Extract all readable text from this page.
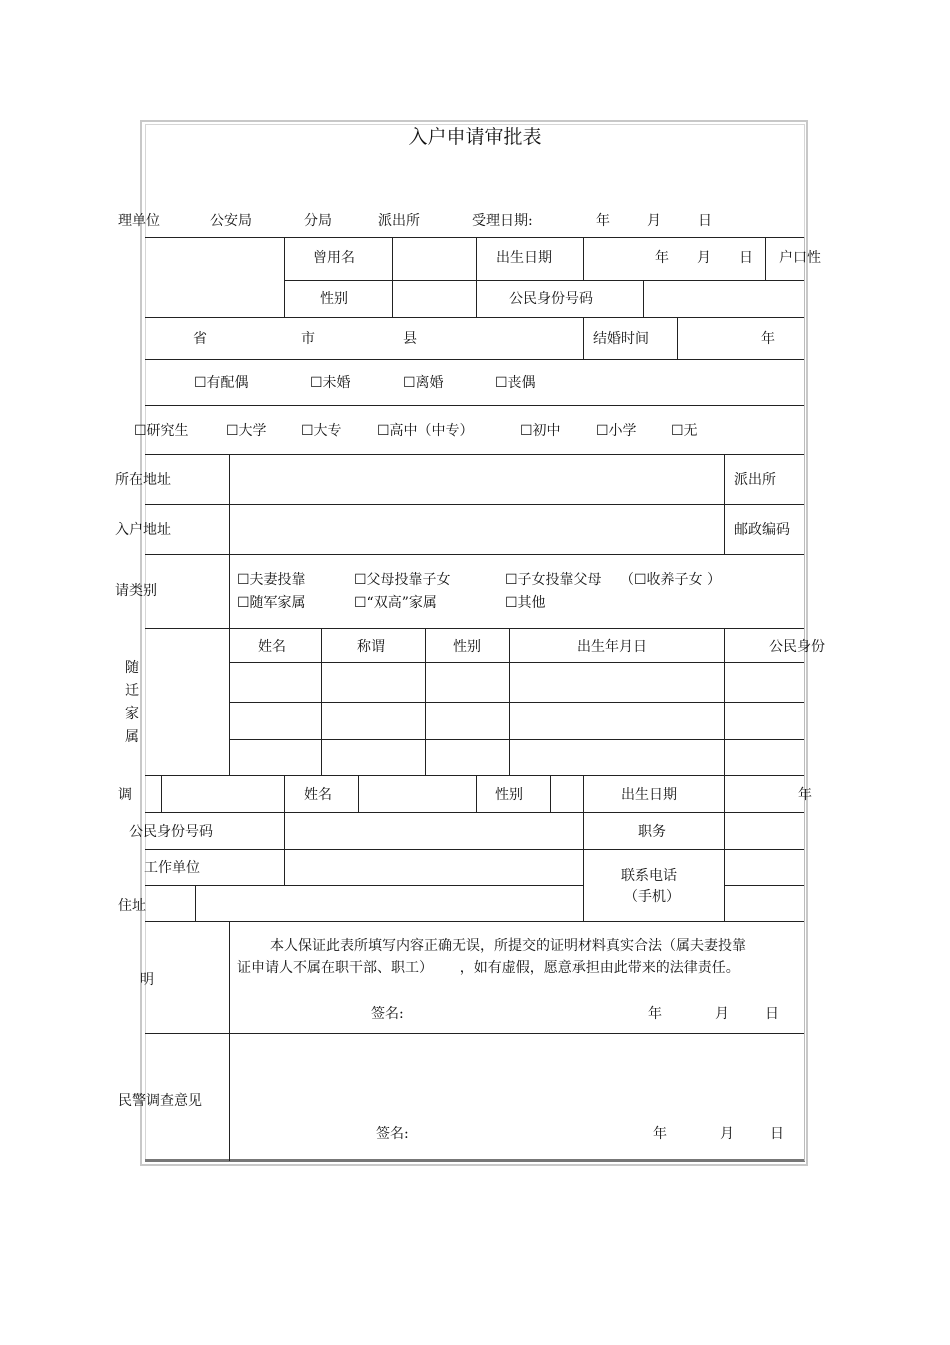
入户申请审批表
理单位	公安局	分局	派出所	受理日期:	年	月	日
曾用名	出生日期	年 月 日 户口性
性别	公民身份号码
省	市	县	结婚时间	年
☐有配偶	☐未婚	☐离婚	☐丧偶
☐研究生	☐大学 ☐大专	☐高中（中专）	☐初中	☐小学 ☐无
所在地址	派出所
入户地址	邮政编码
请类别
☐夫妻投靠	☐父母投靠子女	☐子女投靠父母 （☐收养子女 ）
☐随军家属	☐“双高”家属	☐其他
随
迁
家
属
姓名	称谓	性别	出生年月日	公民身份
调	姓名	性别	出生日期	年
公民身份号码	职务
工作单位	联系电话
（手机）
住址
明
本人保证此表所填写内容正确无误，所提交的证明材料真实合法（属夫妻投靠
证申请人不属在职干部、职工）      ，如有虚假，愿意承担由此带来的法律责任。
签名:	年	月	日
民警调查意见
签名:	年	月	日
